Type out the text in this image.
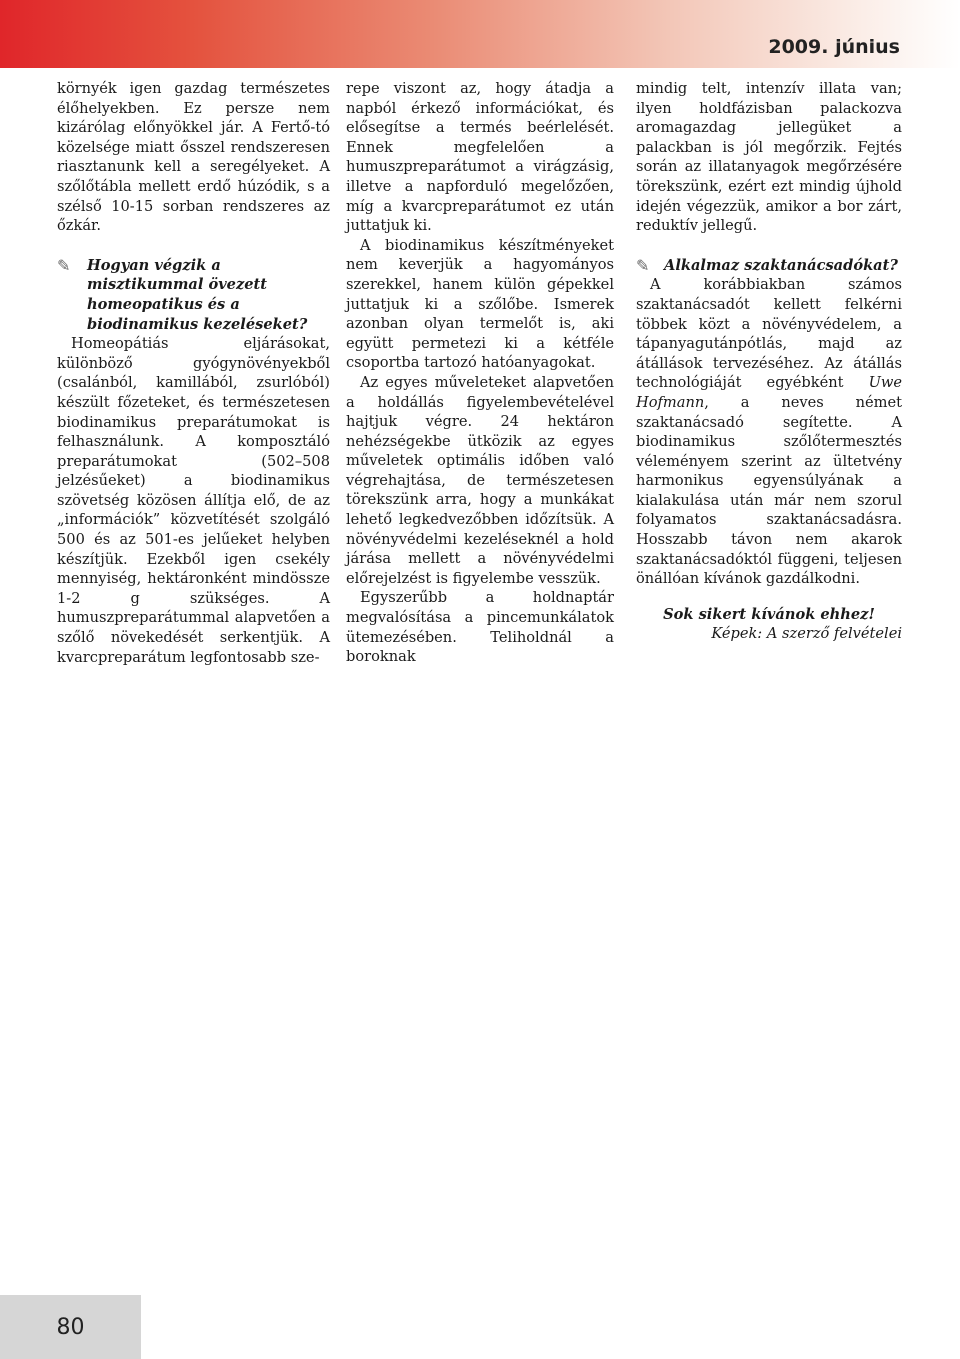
2009. június

környék igen gazdag természetes élőhelyekben. Ez persze nem kizárólag előnyökkel jár. A Fertő-tó közelsége miatt ősszel rendszeresen riasztanunk kell a seregélyeket. A szőlőtábla mellett erdő húzódik, s a szélső 10-15 sorban rendszeres az őzkár.

✎ Hogyan végzik a misztikummal övezett homeopatikus és a biodinamikus kezeléseket?

Homeopátiás eljárásokat, különböző gyógynövényekből (csalánból, kamillából, zsurlóból) készült főzeteket, és természetesen biodinamikus preparátumokat is felhasználunk. A komposztáló preparátumokat (502–508 jelzésűeket) a biodinamikus szövetség közösen állítja elő, de az „információk” közvetítését szolgáló 500 és az 501-es jelűeket helyben készítjük. Ezekből igen csekély mennyiség, hektáronként mindössze 1-2 g szükséges. A humuszpreparátummal alapvetően a szőlő növekedését serkentjük. A kvarcpreparátum legfontosabb sze-

repe viszont az, hogy átadja a napból érkező információkat, és elősegítse a termés beérlelését. Ennek megfelelően a humuszpreparátumot a virágzásig, illetve a napforduló megelőzően, míg a kvarcpreparátumot ez után juttatjuk ki.

A biodinamikus készítményeket nem keverjük a hagyományos szerekkel, hanem külön gépekkel juttatjuk ki a szőlőbe. Ismerek azonban olyan termelőt is, aki együtt permetezi ki a kétféle csoportba tartozó hatóanyagokat.

Az egyes műveleteket alapvetően a holdállás figyelembevételével hajtjuk végre. 24 hektáron nehézségekbe ütközik az egyes műveletek optimális időben való végrehajtása, de természetesen törekszünk arra, hogy a munkákat lehető legkedvezőbben időzítsük. A növényvédelmi kezeléseknél a hold járása mellett a növényvédelmi előrejelzést is figyelembe vesszük.

Egyszerűbb a holdnaptár megvalósítása a pincemunkálatok ütemezésében. Teliholdnál a boroknak

mindig telt, intenzív illata van; ilyen holdfázisban palackozva aromagazdag jellegüket a palackban is jól megőrzik. Fejtés során az illatanyagok megőrzésére törekszünk, ezért ezt mindig újhold idején végezzük, amikor a bor zárt, reduktív jellegű.

✎ Alkalmaz szaktanácsadókat?

A korábbiakban számos szaktanácsadót kellett felkérni többek közt a növényvédelem, a tápanyagutánpótlás, majd az átállások tervezéséhez. Az átállás technológiáját egyébként Uwe Hofmann, a neves német szaktanácsadó segítette. A biodinamikus szőlőtermesztés véleményem szerint az ültetvény harmonikus egyensúlyának a kialakulása után már nem szorul folyamatos szaktanácsadásra. Hosszabb távon nem akarok szaktanácsadóktól függeni, teljesen önállóan kívánok gazdálkodni.

Sok sikert kívánok ehhez!
Képek: A szerző felvételei
80
